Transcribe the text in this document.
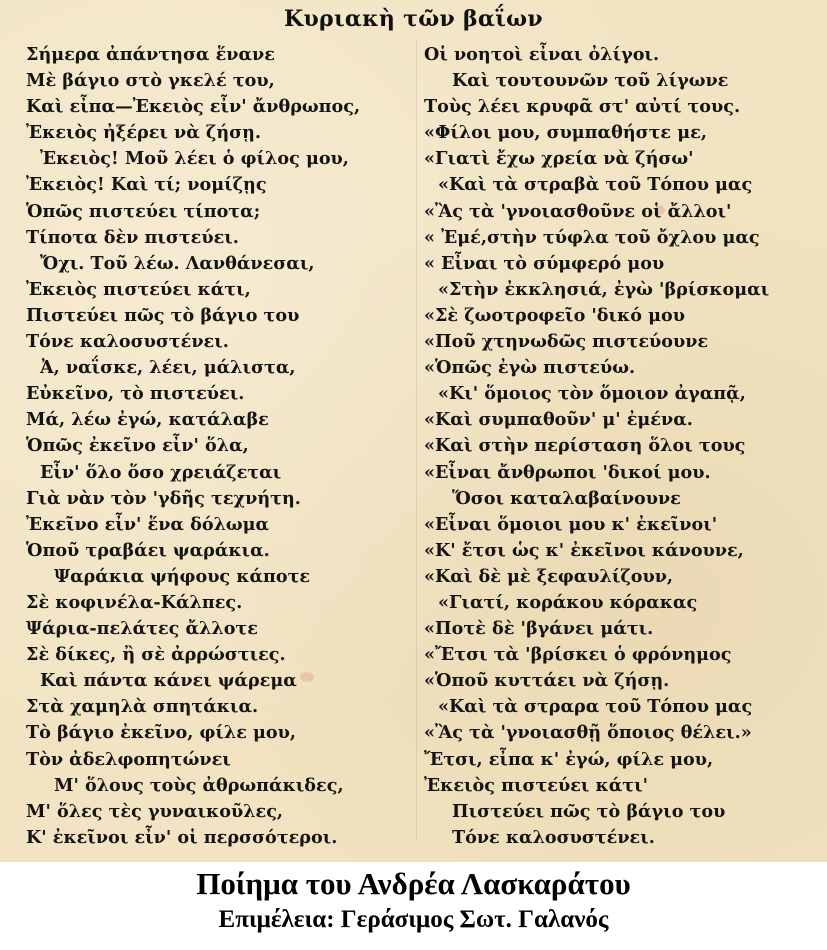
Κυριακὴ τῶν βαΐων
Σήμερα ἀπάντησα ἕνανε
Μὲ βάγιο στὸ γκελέ του,
Καὶ εἶπα—Ἐκειὸς εἶν' ἄνθρωπος,
Ἐκειὸς ἠξέρει νὰ ζήσῃ.
Ἐκειὸς! Μοῦ λέει ὁ φίλος μου,
Ἐκειὸς! Καὶ τί; νομίζῃς
Ὁπῶς πιστεύει τίποτα;
Τίποτα δὲν πιστεύει.
Ὄχι. Τοῦ λέω. Λανθάνεσαι,
Ἐκειὸς πιστεύει κάτι,
Πιστεύει πῶς τὸ βάγιο του
Τόνε καλοσυστένει.
Ἀ, ναΐσκε, λέει, μάλιστα,
Εὐκεῖνο, τὸ πιστεύει.
Μά, λέω ἐγώ, κατάλαβε
Ὁπῶς ἐκεῖνο εἶν' ὅλα,
Εἶν' ὅλο ὅσο χρειάζεται
Γιὰ νὰν τὸν 'γδῆς τεχνήτη.
Ἐκεῖνο εἶν' ἕνα δόλωμα
Ὁποῦ τραβάει ψαράκια.
Ψαράκια ψήφους κάποτε
Σὲ κοφινέλα-Κάλπες.
Ψάρια-πελάτες ἄλλοτε
Σὲ δίκες, ἢ σὲ ἀρρώστιες.
Καὶ πάντα κάνει ψάρεμα
Στὰ χαμηλὰ σπητάκια.
Τὸ βάγιο ἐκεῖνο, φίλε μου,
Τὸν ἀδελφοπητώνει
Μ' ὅλους τοὺς ἀθρωπάκιδες,
Μ' ὅλες τὲς γυναικοῦλες,
Κ' ἐκεῖνοι εἶν' οἱ περσσότεροι.
Οἱ νοητοὶ εἶναι ὀλίγοι.
Καὶ τουτουνῶν τοῦ λίγωνε
Τοὺς λέει κρυφᾶ στ' αὐτί τους.
«Φίλοι μου, συμπαθήστε με,
«Γιατὶ ἔχω χρεία νὰ ζήσω'
«Καὶ τὰ στραβὰ τοῦ Τόπου μας
«Ἂς τὰ 'γνοιασθοῦνε οἱ ἄλλοι'
« Ἐμέ,στὴν τύφλα τοῦ ὄχλου μας
« Εἶναι τὸ σύμφερό μου
«Στὴν ἐκκλησιά, ἐγὼ 'βρίσκομαι
«Σὲ ζωοτροφεῖο 'δικό μου
«Ποῦ χτηνωδῶς πιστεύουνε
«Ὁπῶς ἐγὼ πιστεύω.
«Κι' ὅμοιος τὸν ὅμοιον ἀγαπᾷ,
«Καὶ συμπαθοῦν' μ' ἐμένα.
«Καὶ στὴν περίσταση ὅλοι τους
«Εἶναι ἄνθρωποι 'δικοί μου.
Ὅσοι καταλαβαίνουνε
«Εἶναι ὅμοιοι μου κ' ἐκεῖνοι'
«Κ' ἔτσι ὡς κ' ἐκεῖνοι κάνουνε,
«Καὶ δὲ μὲ ξεφαυλίζουν,
«Γιατί, κοράκου κόρακας
«Ποτὲ δὲ 'βγάνει μάτι.
«Ἔτσι τὰ 'βρίσκει ὁ φρόνημος
«Ὁποῦ κυττάει νὰ ζήσῃ.
«Καὶ τὰ στραρα τοῦ Τόπου μας
«Ἂς τὰ 'γνοιασθῇ ὅποιος θέλει.»
Ἔτσι, εἶπα κ' ἐγώ, φίλε μου,
Ἐκειὸς πιστεύει κάτι'
Πιστεύει πῶς τὸ βάγιο του
Τόνε καλοσυστένει.
Ποίημα του Ανδρέα Λασκαράτου
Επιμέλεια: Γεράσιμος Σωτ. Γαλανός
